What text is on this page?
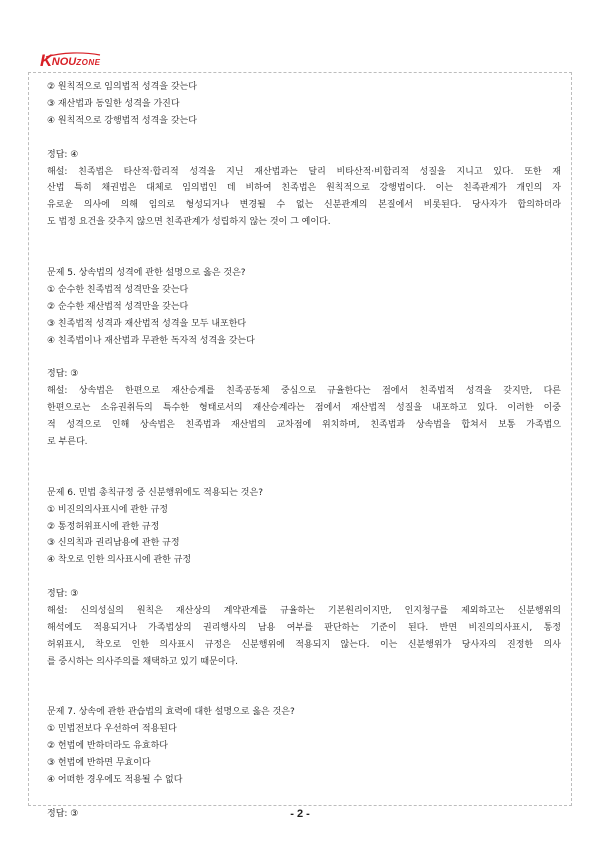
K NOUZONE
② 원칙적으로 임의법적 성격을 갖는다
③ 재산법과 동일한 성격을 가진다
④ 원칙적으로 강행법적 성격을 갖는다
정답: ④
해설: 친족법은 타산적·합리적 성격을 지닌 재산법과는 달리 비타산적·비합리적 성질을 지니고 있다. 또한 재
산법 특히 채권법은 대체로 임의법인 데 비하여 친족법은 원칙적으로 강행법이다. 이는 친족관계가 개인의 자
유로운 의사에 의해 임의로 형성되거나 변경될 수 없는 신분관계의 본질에서 비롯된다. 당사자가 합의하더라
도 법정 요건을 갖추지 않으면 친족관계가 성립하지 않는 것이 그 예이다.
문제 5. 상속법의 성격에 관한 설명으로 옳은 것은?
① 순수한 친족법적 성격만을 갖는다
② 순수한 재산법적 성격만을 갖는다
③ 친족법적 성격과 재산법적 성격을 모두 내포한다
④ 친족법이나 재산법과 무관한 독자적 성격을 갖는다
정답: ③
해설: 상속법은 한편으로 재산승계를 친족공동체 중심으로 규율한다는 점에서 친족법적 성격을 갖지만, 다른
한편으로는 소유권취득의 특수한 형태로서의 재산승계라는 점에서 재산법적 성질을 내포하고 있다. 이러한 이중
적 성격으로 인해 상속법은 친족법과 재산법의 교차점에 위치하며, 친족법과 상속법을 합쳐서 보통 가족법으
로 부른다.
문제 6. 민법 총칙규정 중 신분행위에도 적용되는 것은?
① 비진의의사표시에 관한 규정
② 통정허위표시에 관한 규정
③ 신의칙과 권리남용에 관한 규정
④ 착오로 인한 의사표시에 관한 규정
정답: ③
해설: 신의성실의 원칙은 재산상의 계약관계를 규율하는 기본원리이지만, 인지청구를 제외하고는 신분행위의
해석에도 적용되거나 가족법상의 권리행사의 남용 여부를 판단하는 기준이 된다. 반면 비진의의사표시, 통정
허위표시, 착오로 인한 의사표시 규정은 신분행위에 적용되지 않는다. 이는 신분행위가 당사자의 진정한 의사
를 중시하는 의사주의를 채택하고 있기 때문이다.
문제 7. 상속에 관한 관습법의 효력에 대한 설명으로 옳은 것은?
① 민법전보다 우선하여 적용된다
② 헌법에 반하더라도 유효하다
③ 헌법에 반하면 무효이다
④ 어떠한 경우에도 적용될 수 없다
정답: ③	- 2 -
